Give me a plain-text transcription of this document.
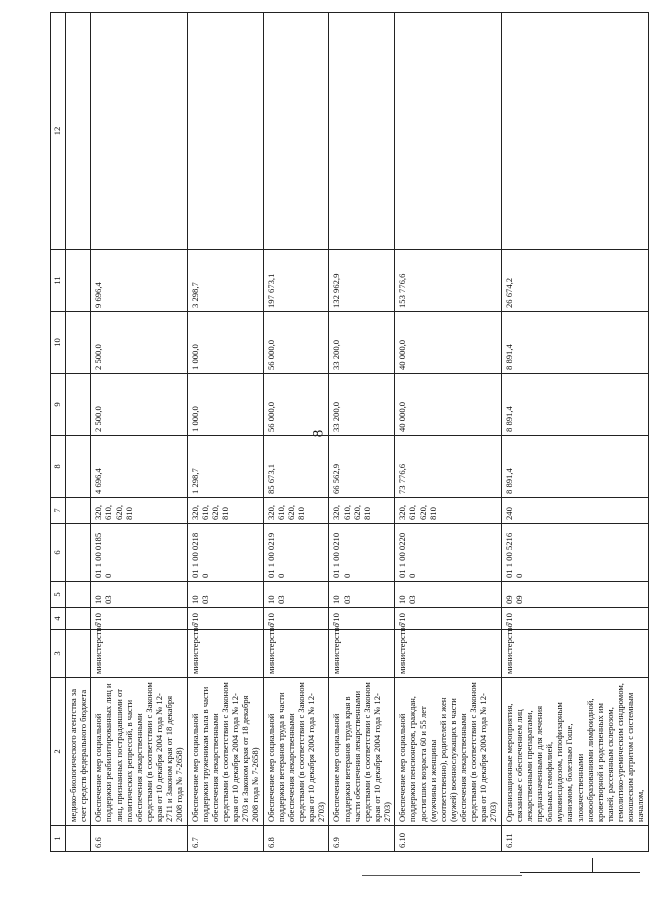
8
1	2	3	4	5	6	7	8	9	10	11	12
	медико-биологического агентства за счет средств федерального бюджета										
6.6	Обеспечение мер социальной поддержки реабилитированных лиц и лиц, признанных пострадавшими от политических репрессий, в части обеспечения лекарственными средствами (в соответствии с Законом края от 10 декабря 2004 года № 12-2711 и Законом края от 18 декабря 2008 года № 7-2658)	министерство	710	10 03	01 1 00 0185 0	320, 610, 620, 810	4 696,4	2 500,0	2 500,0	9 696,4	
6.7	Обеспечение мер социальной поддержки труженикам тыла в части обеспечения лекарственными средствами (в соответствии с Законом края от 10 декабря 2004 года № 12-2703 и Законом края от 18 декабря 2008 года № 7-2658)	министерство	710	10 03	01 1 00 0218 0	320, 610, 620, 810	1 298,7	1 000,0	1 000,0	3 298,7	
6.8	Обеспечение мер социальной поддержки ветеранов труда в части обеспечения лекарственными средствами (в соответствии с Законом края от 10 декабря 2004 года № 12-2703)	министерство	710	10 03	01 1 00 0219 0	320, 610, 620, 810	85 673,1	56 000,0	56 000,0	197 673,1	
6.9	Обеспечение мер социальной поддержки ветеранов труда края в части обеспечения лекарственными средствами (в соответствии с Законом края от 10 декабря 2004 года № 12-2703)	министерство	710	10 03	01 1 00 0210 0	320, 610, 620, 810	66 562,9	33 200,0	33 200,0	132 962,9	
6.10	Обеспечение мер социальной поддержки пенсионеров, граждан, достигших возраста 60 и 55 лет (мужчины и женщины соответственно), родителей и жен (мужей) военнослужащих в части обеспечения лекарственными средствами (в соответствии с Законом края от 10 декабря 2004 года № 12-2703)	министерство	710	10 03	01 1 00 0220 0	320, 610, 620, 810	73 776,6	40 000,0	40 000,0	153 776,6	
6.11	Организационные мероприятия, связанные с обеспечением лиц лекарственными препаратами, предназначенными для лечения больных гемофилией, муковисцидозом, гипофизарным нанизмом, болезнью Гоше, злокачественными новообразованиями лимфоидной, кроветворной и родственных им тканей, рассеянным склерозом, гемолитико-уремическим синдромом, юношеским артритом с системным началом,	министерство	710	09 09	01 1 00 5216 0	240	8 891,4	8 891,4	8 891,4	26 674,2	
